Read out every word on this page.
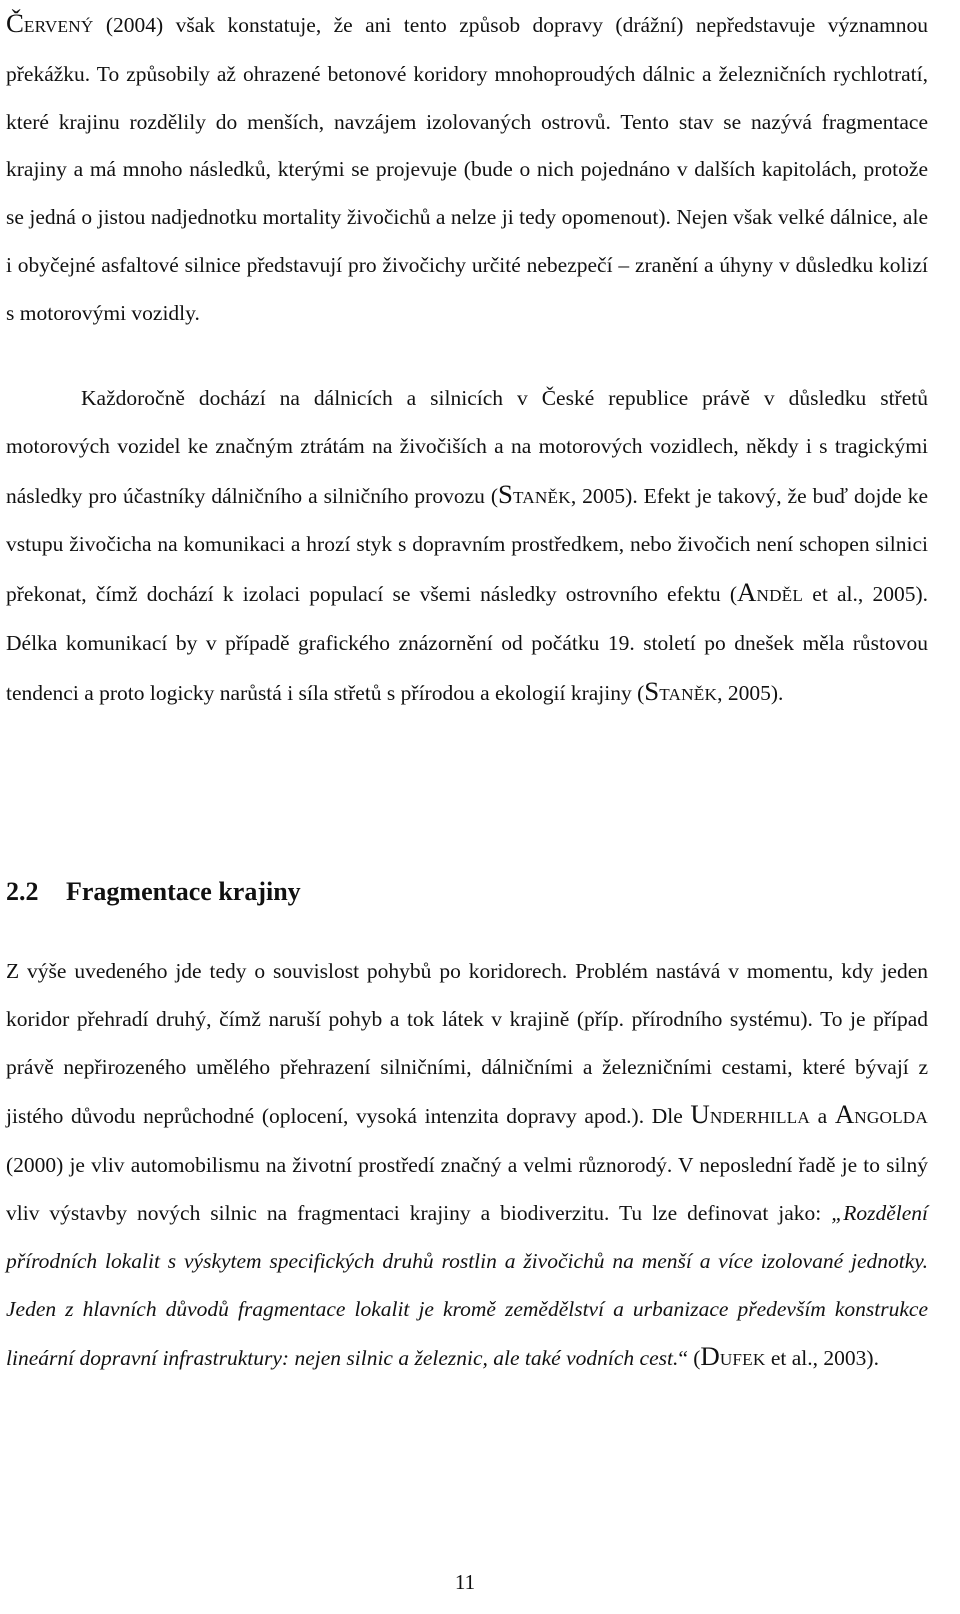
ČERVENÝ (2004) však konstatuje, že ani tento způsob dopravy (drážní) nepředstavuje významnou překážku. To způsobily až ohrazené betonové koridory mnohoproudých dálnic a železničních rychlotratí, které krajinu rozdělily do menších, navzájem izolovaných ostrovů. Tento stav se nazývá fragmentace krajiny a má mnoho následků, kterými se projevuje (bude o nich pojednáno v dalších kapitolách, protože se jedná o jistou nadjednotku mortality živočichů a nelze ji tedy opomenout). Nejen však velké dálnice, ale i obyčejné asfaltové silnice představují pro živočichy určité nebezpečí – zranění a úhyny v důsledku kolizí s motorovými vozidly.

Každoročně dochází na dálnicích a silnicích v České republice právě v důsledku střetů motorových vozidel ke značným ztrátám na živočiších a na motorových vozidlech, někdy i s tragickými následky pro účastníky dálničního a silničního provozu (STANĚK, 2005). Efekt je takový, že buď dojde ke vstupu živočicha na komunikaci a hrozí styk s dopravním prostředkem, nebo živočich není schopen silnici překonat, čímž dochází k izolaci populací se všemi následky ostrovního efektu (ANDĚL et al., 2005). Délka komunikací by v případě grafického znázornění od počátku 19. století po dnešek měla růstovou tendenci a proto logicky narůstá i síla střetů s přírodou a ekologií krajiny (STANĚK, 2005).

2.2 Fragmentace krajiny

Z výše uvedeného jde tedy o souvislost pohybů po koridorech. Problém nastává v momentu, kdy jeden koridor přehradí druhý, čímž naruší pohyb a tok látek v krajině (příp. přírodního systému). To je případ právě nepřirozeného umělého přehrazení silničními, dálničními a železničními cestami, které bývají z jistého důvodu neprůchodné (oplocení, vysoká intenzita dopravy apod.). Dle UNDERHILLA a ANGOLDA (2000) je vliv automobilismu na životní prostředí značný a velmi různorodý. V neposlední řadě je to silný vliv výstavby nových silnic na fragmentaci krajiny a biodiverzitu. Tu lze definovat jako: „Rozdělení přírodních lokalit s výskytem specifických druhů rostlin a živočichů na menší a více izolované jednotky. Jeden z hlavních důvodů fragmentace lokalit je kromě zemědělství a urbanizace především konstrukce lineární dopravní infrastruktury: nejen silnic a železnic, ale také vodních cest.“ (DUFEK et al., 2003).

11
